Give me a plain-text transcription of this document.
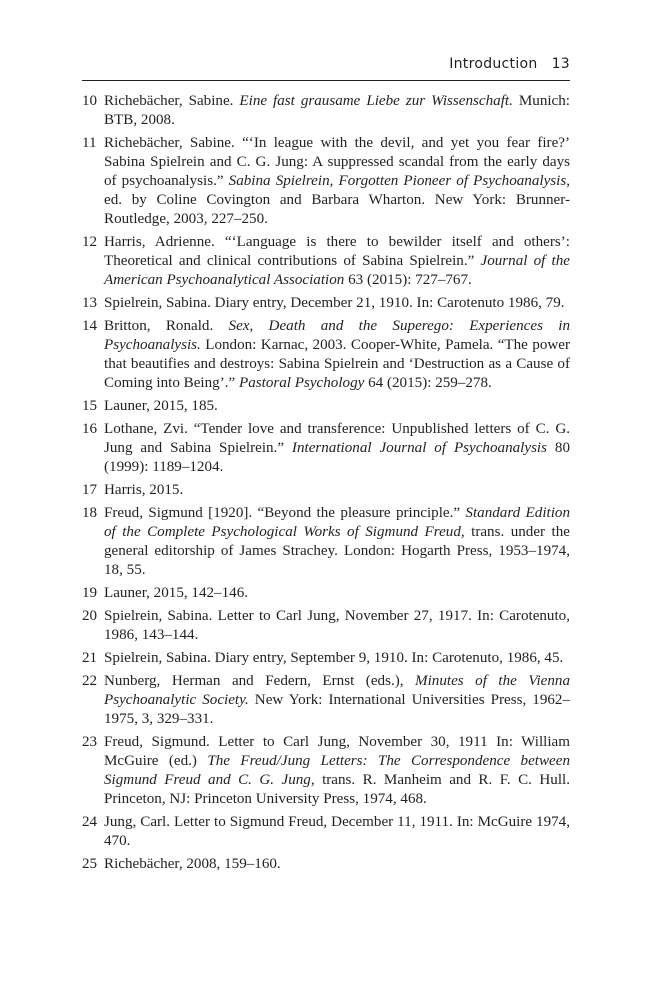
Introduction 13
10 Richebächer, Sabine. Eine fast grausame Liebe zur Wissenschaft. Munich: BTB, 2008.
11 Richebächer, Sabine. “‘In league with the devil, and yet you fear fire?’ Sabina Spielrein and C. G. Jung: A suppressed scandal from the early days of psychoanalysis.” Sabina Spielrein, Forgotten Pioneer of Psychoanalysis, ed. by Coline Covington and Barbara Wharton. New York: Brunner-Routledge, 2003, 227–250.
12 Harris, Adrienne. “‘Language is there to bewilder itself and others’: Theoretical and clinical contributions of Sabina Spielrein.” Journal of the American Psychoanalytical Association 63 (2015): 727–767.
13 Spielrein, Sabina. Diary entry, December 21, 1910. In: Carotenuto 1986, 79.
14 Britton, Ronald. Sex, Death and the Superego: Experiences in Psychoanalysis. London: Karnac, 2003. Cooper-White, Pamela. “The power that beautifies and destroys: Sabina Spielrein and ‘Destruction as a Cause of Coming into Being’.” Pastoral Psychology 64 (2015): 259–278.
15 Launer, 2015, 185.
16 Lothane, Zvi. “Tender love and transference: Unpublished letters of C. G. Jung and Sabina Spielrein.” International Journal of Psychoanalysis 80 (1999): 1189–1204.
17 Harris, 2015.
18 Freud, Sigmund [1920]. “Beyond the pleasure principle.” Standard Edition of the Complete Psychological Works of Sigmund Freud, trans. under the general editorship of James Strachey. London: Hogarth Press, 1953–1974, 18, 55.
19 Launer, 2015, 142–146.
20 Spielrein, Sabina. Letter to Carl Jung, November 27, 1917. In: Carotenuto, 1986, 143–144.
21 Spielrein, Sabina. Diary entry, September 9, 1910. In: Carotenuto, 1986, 45.
22 Nunberg, Herman and Federn, Ernst (eds.), Minutes of the Vienna Psychoanalytic Society. New York: International Universities Press, 1962–1975, 3, 329–331.
23 Freud, Sigmund. Letter to Carl Jung, November 30, 1911 In: William McGuire (ed.) The Freud/Jung Letters: The Correspondence between Sigmund Freud and C. G. Jung, trans. R. Manheim and R. F. C. Hull. Princeton, NJ: Princeton University Press, 1974, 468.
24 Jung, Carl. Letter to Sigmund Freud, December 11, 1911. In: McGuire 1974, 470.
25 Richebächer, 2008, 159–160.
